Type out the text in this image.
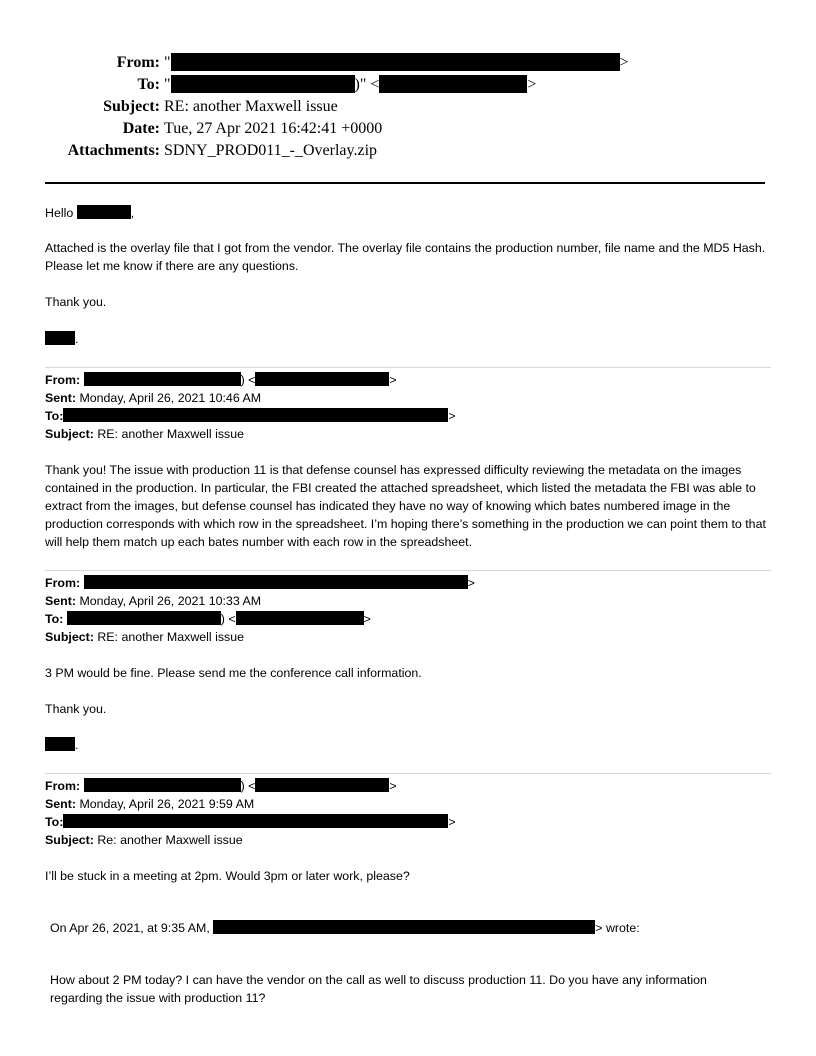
From: "	>
To: "	)" <	>
Subject: RE: another Maxwell issue
Date: Tue, 27 Apr 2021 16:42:41 +0000
Attachments: SDNY_PROD011_-_Overlay.zip
Hello	,
Attached is the overlay file that I got from the vendor. The overlay file contains the production number, file name and the MD5 Hash. Please let me know if there are any questions.
Thank you.
.
From:	) <	>
Sent: Monday, April 26, 2021 10:46 AM
To:	>
Subject: RE: another Maxwell issue
Thank you! The issue with production 11 is that defense counsel has expressed difficulty reviewing the metadata on the images contained in the production. In particular, the FBI created the attached spreadsheet, which listed the metadata the FBI was able to extract from the images, but defense counsel has indicated they have no way of knowing which bates numbered image in the production corresponds with which row in the spreadsheet. I’m hoping there’s something in the production we can point them to that will help them match up each bates number with each row in the spreadsheet.
From:	>
Sent: Monday, April 26, 2021 10:33 AM
To:	) <	>
Subject: RE: another Maxwell issue
3 PM would be fine. Please send me the conference call information.
Thank you.
.
From:	) <	>
Sent: Monday, April 26, 2021 9:59 AM
To:	>
Subject: Re: another Maxwell issue
I’ll be stuck in a meeting at 2pm. Would 3pm or later work, please?
On Apr 26, 2021, at 9:35 AM,	> wrote:
How about 2 PM today? I can have the vendor on the call as well to discuss production 11. Do you have any information regarding the issue with production 11?
